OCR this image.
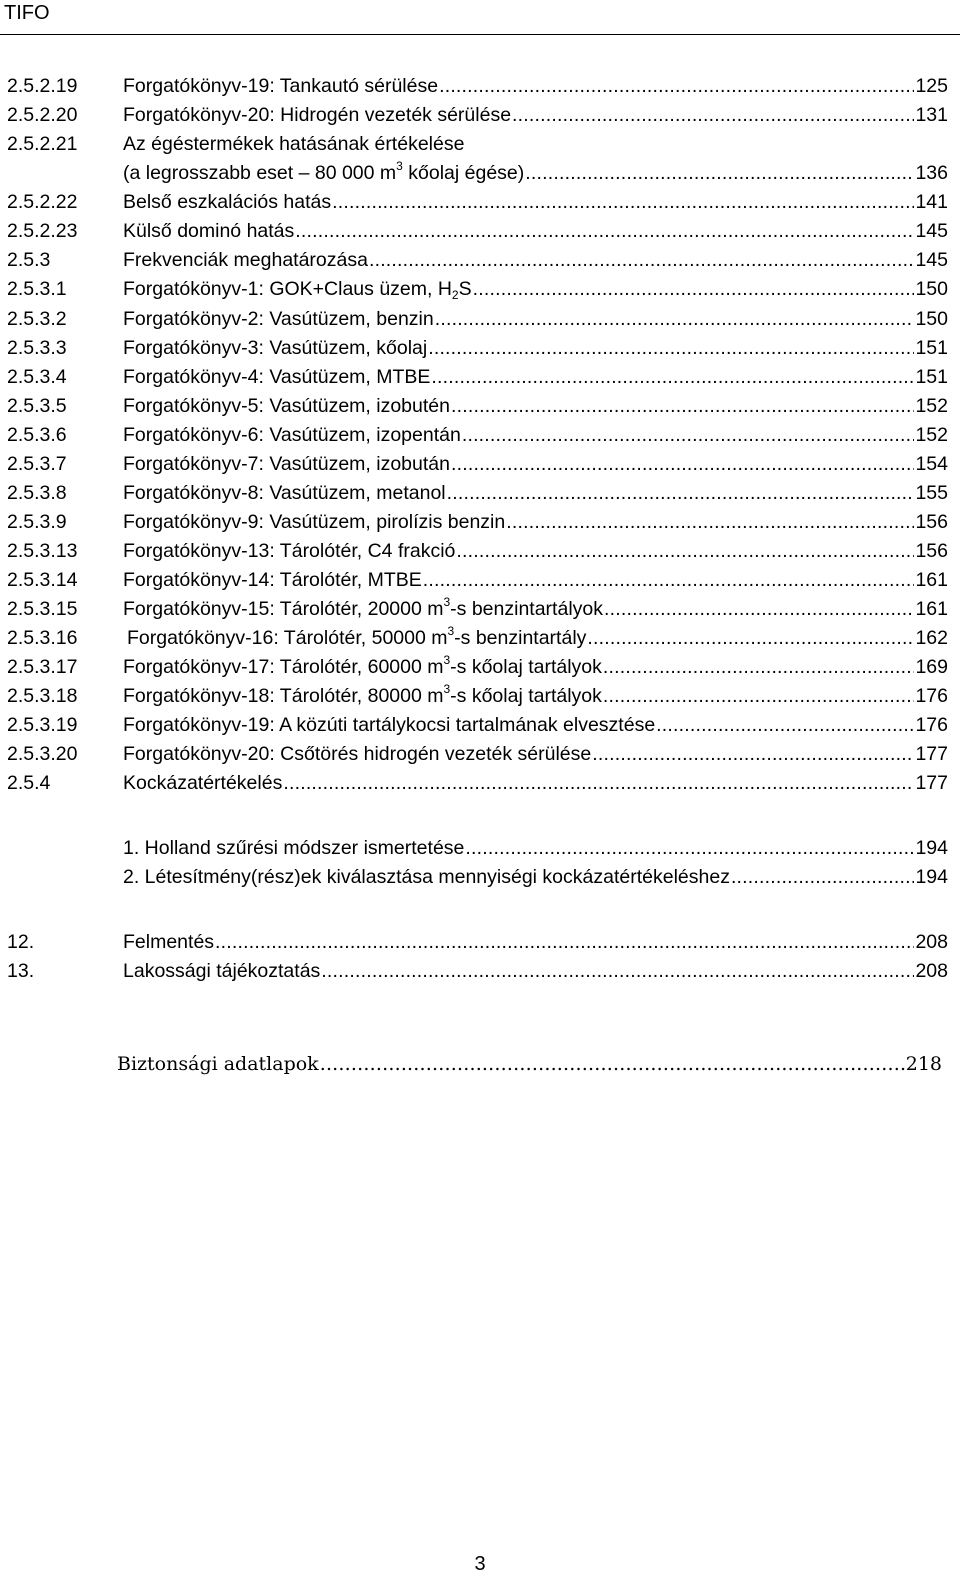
TIFO
2.5.2.19 Forgatókönyv-19: Tankautó sérülése .....	125
2.5.2.20 Forgatókönyv-20: Hidrogén vezeték sérülése .....	131
2.5.2.21 Az égéstermékek hatásának értékelése
(a legrosszabb eset – 80 000 $m^3$ kőolaj égése) .....	136
2.5.2.22 Belső eszkalációs hatás .....	141
2.5.2.23 Külső dominó hatás .....	145
2.5.3	Frekvenciák meghatározása .....	145
2.5.3.1	Forgatókönyv-1: GOK+Claus üzem, $H_2S$ .....	150
2.5.3.2	Forgatókönyv-2: Vasútüzem, benzin .....	150
2.5.3.3	Forgatókönyv-3: Vasútüzem, kőolaj .....	151
2.5.3.4	Forgatókönyv-4: Vasútüzem, MTBE .....	151
2.5.3.5	Forgatókönyv-5: Vasútüzem, izobutén .....	152
2.5.3.6	Forgatókönyv-6: Vasútüzem, izopentán .....	152
2.5.3.7	Forgatókönyv-7: Vasútüzem, izobután .....	154
2.5.3.8	Forgatókönyv-8: Vasútüzem, metanol .....	155
2.5.3.9	Forgatókönyv-9: Vasútüzem, pirolízis benzin .....	156
2.5.3.13 Forgatókönyv-13: Tárolótér, C4 frakció .....	156
2.5.3.14 Forgatókönyv-14: Tárolótér, MTBE .....	161
2.5.3.15 Forgatókönyv-15: Tárolótér, 20000 $m^3-s$ benzintartályok .....	161
2.5.3.16	Forgatókönyv-16: Tárolótér, 50000 $m^3-s$ benzintartály .....	162
2.5.3.17 Forgatókönyv-17: Tárolótér, 60000 $m^3-s$ kőolaj tartályok .....	169
2.5.3.18 Forgatókönyv-18: Tárolótér, 80000 $m^3-s$ kőolaj tartályok .....	176
2.5.3.19 Forgatókönyv-19: A közúti tartálykocsi tartalmának elvesztése .....	176
2.5.3.20 Forgatókönyv-20: Csőtörés hidrogén vezeték sérülése .....	177
2.5.4	Kockázatértékelés .....	177
1. Holland szűrési módszer ismertetése .....	194
2. Létesítmény(rész)ek kiválasztása mennyiségi kockázatértékeléshez .....	194
12.	Felmentés .....	208
13.	Lakossági tájékoztatás .....	208
Biztonsági adatlapok .....	218
3
